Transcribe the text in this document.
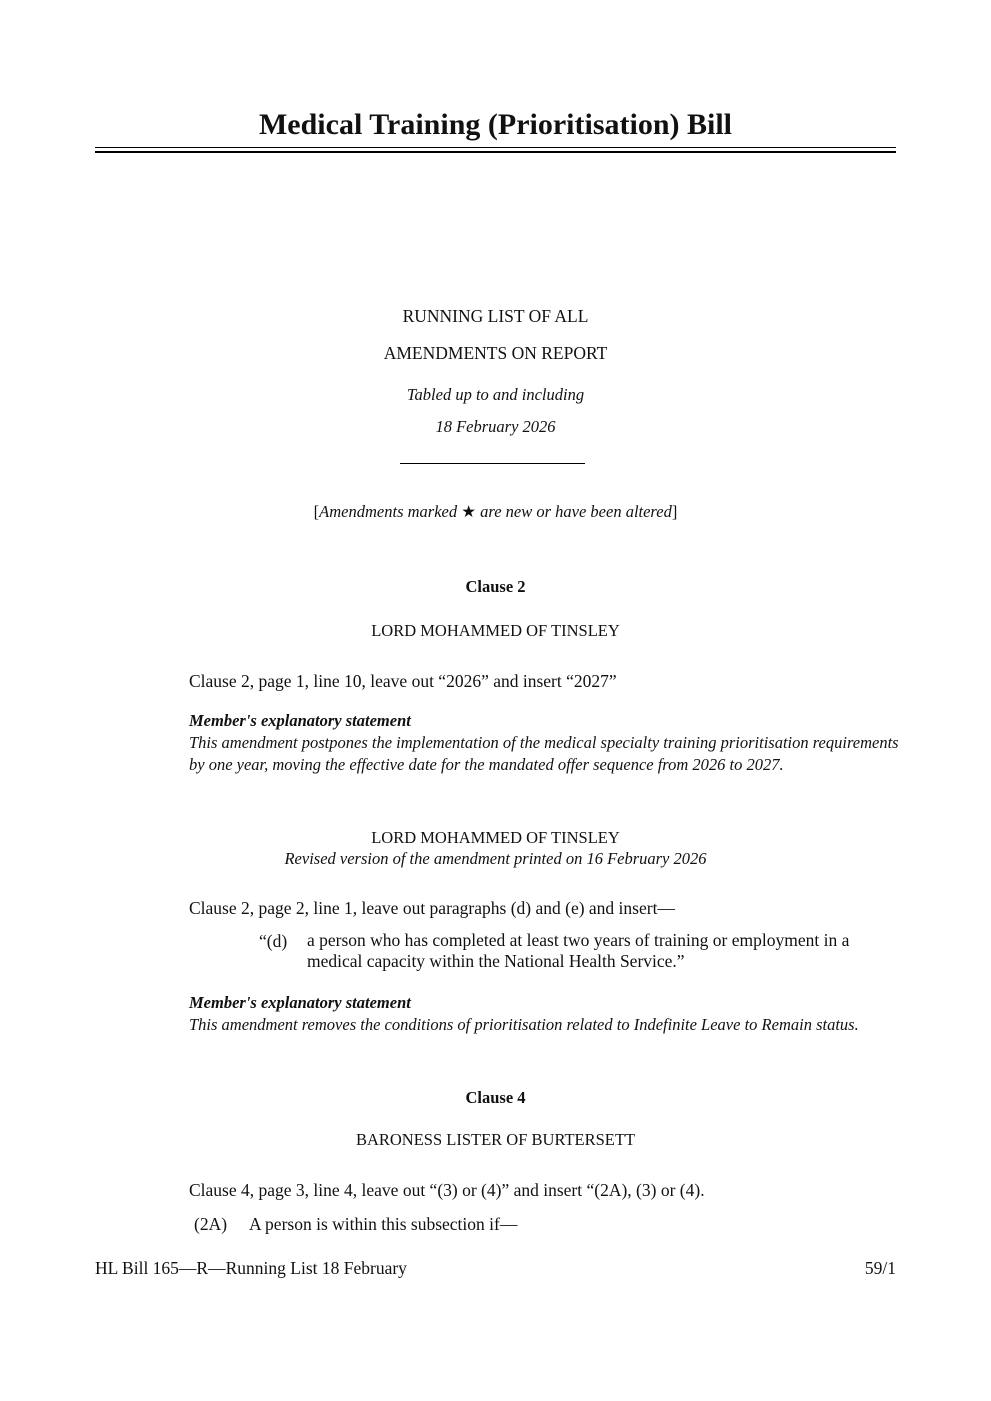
Medical Training (Prioritisation) Bill
RUNNING LIST OF ALL
AMENDMENTS ON REPORT
Tabled up to and including
18 February 2026
[Amendments marked ★ are new or have been altered]
Clause 2
LORD MOHAMMED OF TINSLEY
Clause 2, page 1, line 10, leave out “2026” and insert “2027”
Member's explanatory statement
This amendment postpones the implementation of the medical specialty training prioritisation requirements by one year, moving the effective date for the mandated offer sequence from 2026 to 2027.
LORD MOHAMMED OF TINSLEY
Revised version of the amendment printed on 16 February 2026
Clause 2, page 2, line 1, leave out paragraphs (d) and (e) and insert—
“(d) a person who has completed at least two years of training or employment in a medical capacity within the National Health Service.”
Member's explanatory statement
This amendment removes the conditions of prioritisation related to Indefinite Leave to Remain status.
Clause 4
BARONESS LISTER OF BURTERSETT
Clause 4, page 3, line 4, leave out “(3) or (4)” and insert “(2A), (3) or (4).
(2A) A person is within this subsection if—
HL Bill 165—R—Running List 18 February	59/1
